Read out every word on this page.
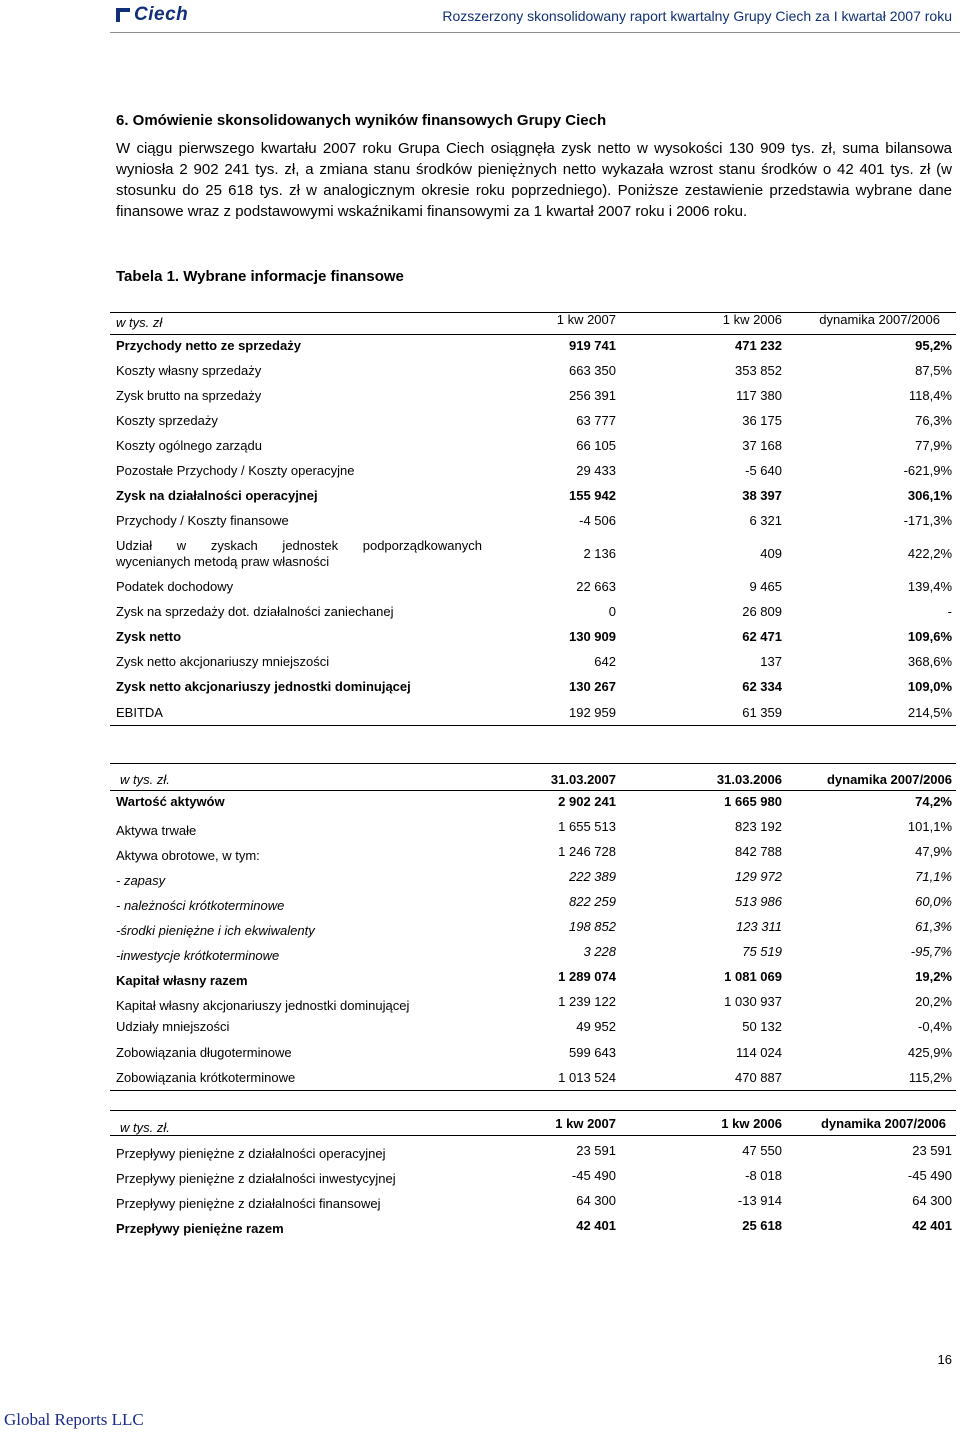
Ciech	Rozszerzony skonsolidowany raport kwartalny Grupy Ciech za I kwartał 2007 roku
6. Omówienie skonsolidowanych wyników finansowych Grupy Ciech
W ciągu pierwszego kwartału 2007 roku Grupa Ciech osiągnęła zysk netto w wysokości 130 909 tys. zł, suma bilansowa wyniosła 2 902 241 tys. zł, a zmiana stanu środków pieniężnych netto wykazała wzrost stanu środków o 42 401 tys. zł (w stosunku do 25 618 tys. zł w analogicznym okresie roku poprzedniego). Poniższe zestawienie przedstawia wybrane dane finansowe wraz z podstawowymi wskaźnikami finansowymi za 1 kwartał 2007 roku i 2006 roku.
Tabela 1. Wybrane informacje finansowe
w tys. zł	1 kw 2007	1 kw 2006	dynamika 2007/2006
Przychody netto ze sprzedaży	919 741	471 232	95,2%
Koszty własny sprzedaży	663 350	353 852	87,5%
Zysk brutto na sprzedaży	256 391	117 380	118,4%
Koszty sprzedaży	63 777	36 175	76,3%
Koszty ogólnego zarządu	66 105	37 168	77,9%
Pozostałe Przychody / Koszty operacyjne	29 433	-5 640	-621,9%
Zysk na działalności operacyjnej	155 942	38 397	306,1%
Przychody / Koszty finansowe	-4 506	6 321	-171,3%
Udział w zyskach jednostek podporządkowanych
wycenianych metodą praw własności
2 136	409	422,2%
Podatek dochodowy	22 663	9 465	139,4%
Zysk na sprzedaży dot. działalności zaniechanej	0	26 809	-
Zysk netto	130 909	62 471	109,6%
Zysk netto akcjonariuszy mniejszości	642	137	368,6%
Zysk netto akcjonariuszy jednostki dominującej	130 267	62 334	109,0%
EBITDA	192 959	61 359	214,5%
w tys. zł.	31.03.2007	31.03.2006	dynamika 2007/2006
Wartość aktywów	2 902 241	1 665 980	74,2%
Aktywa trwałe	1 655 513	823 192	101,1%
Aktywa obrotowe, w tym:	1 246 728	842 788	47,9%
- zapasy	222 389	129 972	71,1%
- należności krótkoterminowe	822 259	513 986	60,0%
-środki pieniężne i ich ekwiwalenty	198 852	123 311	61,3%
-inwestycje krótkoterminowe	3 228	75 519	-95,7%
Kapitał własny razem	1 289 074	1 081 069	19,2%
Kapitał własny akcjonariuszy jednostki dominującej	1 239 122	1 030 937	20,2%
Udziały mniejszości	49 952	50 132	-0,4%
Zobowiązania długoterminowe	599 643	114 024	425,9%
Zobowiązania krótkoterminowe	1 013 524	470 887	115,2%
w tys. zł.	1 kw 2007	1 kw 2006	dynamika 2007/2006
Przepływy pieniężne z działalności operacyjnej	23 591	47 550	23 591
Przepływy pieniężne z działalności inwestycyjnej	-45 490	-8 018	-45 490
Przepływy pieniężne z działalności finansowej	64 300	-13 914	64 300
Przepływy pieniężne razem	42 401	25 618	42 401
16
Global Reports LLC
